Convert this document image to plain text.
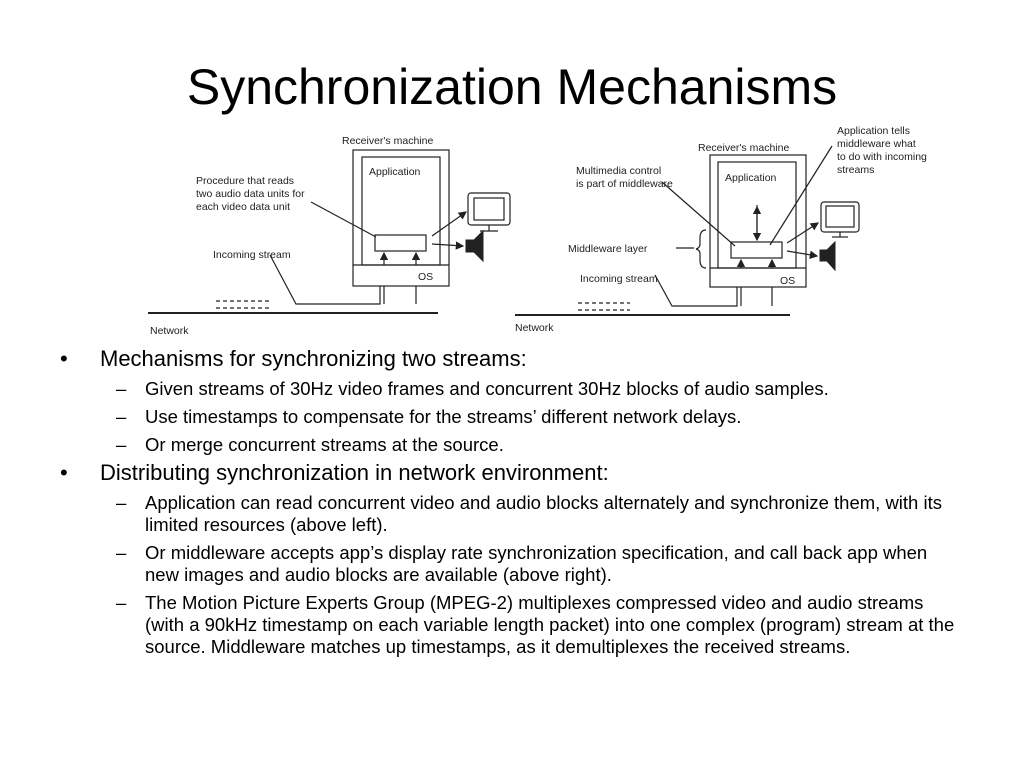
Synchronization Mechanisms
Receiver's machine
Application
OS
Procedure that reads
two audio data units for
each video data unit
Incoming stream
Network
Receiver's machine
Application
OS
Application tells
middleware what
to do with incoming
streams
Multimedia control
is part of middleware
Middleware layer
Incoming stream
Network
• Mechanisms for synchronizing two streams:
– Given streams of 30Hz video frames and concurrent 30Hz blocks of audio samples.
– Use timestamps to compensate for the streams’ different network delays.
– Or merge concurrent streams at the source.
• Distributing synchronization in network environment:
– Application can read concurrent video and audio blocks alternately and synchronize them, with its limited resources (above left).
– Or middleware accepts app’s display rate synchronization specification, and call back app when new images and audio blocks are available (above right).
– The Motion Picture Experts Group (MPEG-2) multiplexes compressed video and audio streams (with a 90kHz timestamp on each variable length packet) into one complex (program) stream at the source. Middleware matches up timestamps, as it demultiplexes the received streams.
